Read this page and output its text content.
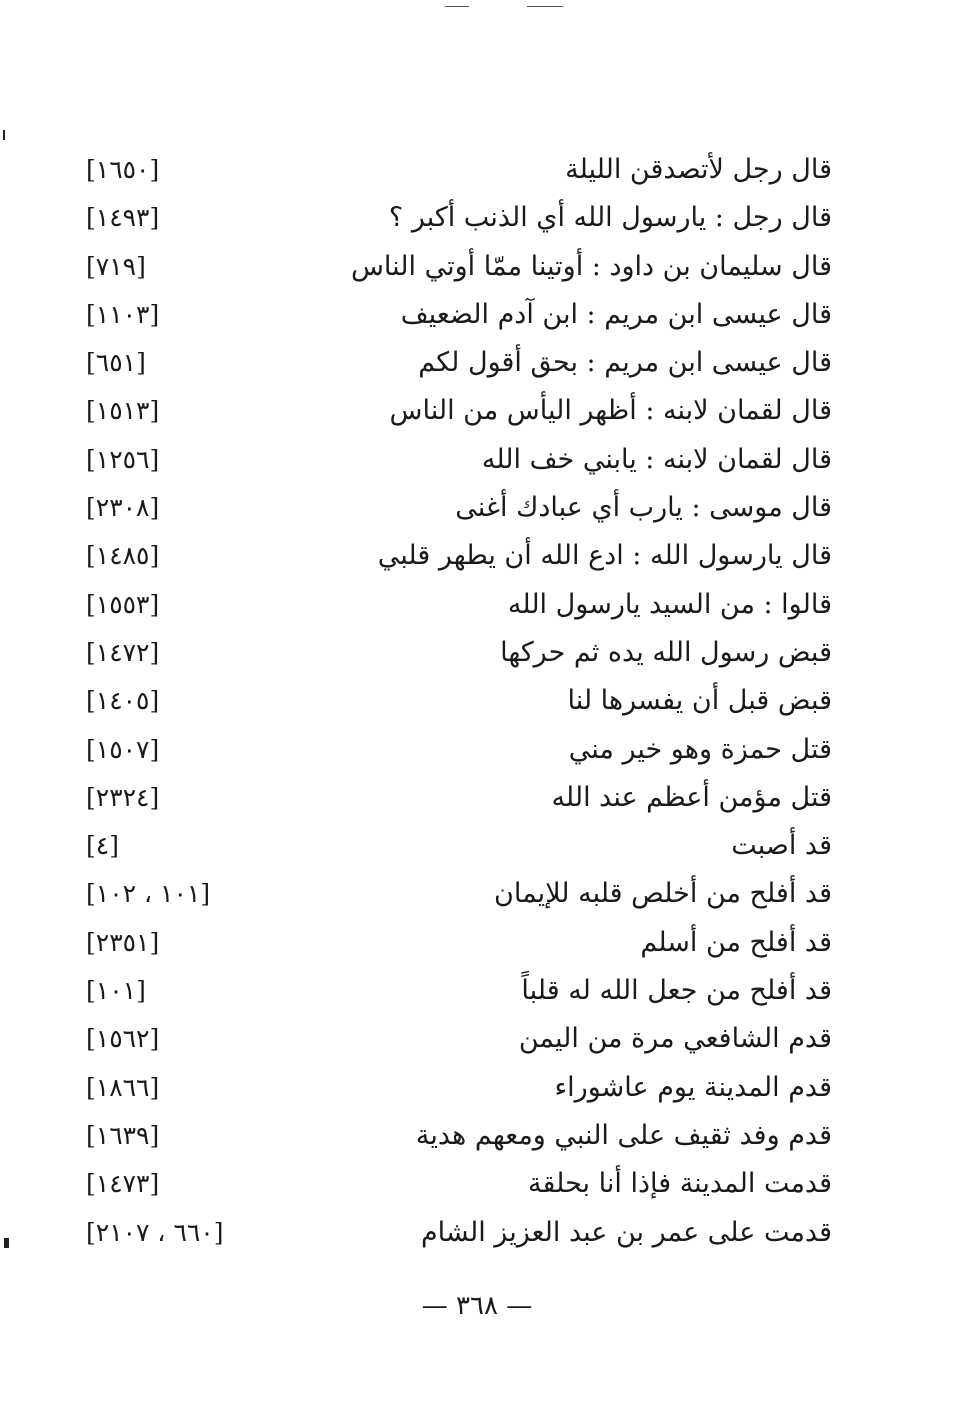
قال رجل لأتصدقن الليلة
[١٦٥٠]
قال رجل : يارسول الله أي الذنب أكبر ؟
[١٤٩٣]
قال سليمان بن داود : أوتينا ممّا أوتي الناس
[٧١٩]
قال عيسى ابن مريم : ابن آدم الضعيف
[١١٠٣]
قال عيسى ابن مريم : بحق أقول لكم
[٦٥١]
قال لقمان لابنه : أظهر اليأس من الناس
[١٥١٣]
قال لقمان لابنه : يابني خف الله
[١٢٥٦]
قال موسى : يارب أي عبادك أغنى
[٢٣٠٨]
قال يارسول الله : ادع الله أن يطهر قلبي
[١٤٨٥]
قالوا : من السيد يارسول الله
[١٥٥٣]
قبض رسول الله يده ثم حركها
[١٤٧٢]
قبض قبل أن يفسرها لنا
[١٤٠٥]
قتل حمزة وهو خير مني
[١٥٠٧]
قتل مؤمن أعظم عند الله
[٢٣٢٤]
قد أصبت
[٤]
قد أفلح من أخلص قلبه للإيمان
[١٠١ ، ١٠٢]
قد أفلح من أسلم
[٢٣٥١]
قد أفلح من جعل الله له قلباً
[١٠١]
قدم الشافعي مرة من اليمن
[١٥٦٢]
قدم المدينة يوم عاشوراء
[١٨٦٦]
قدم وفد ثقيف على النبي ومعهم هدية
[١٦٣٩]
قدمت المدينة فإذا أنا بحلقة
[١٤٧٣]
قدمت على عمر بن عبد العزيز الشام
[٦٦٠ ، ٢١٠٧]
— ٣٦٨ —
